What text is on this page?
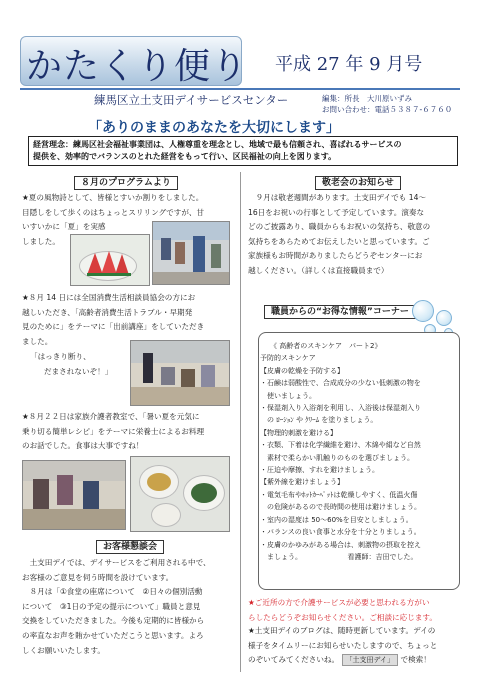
かたくり便り 平成 27 年 9 月号
練馬区立土支田デイサービスセンター	編集：所長　大川原いずみ
お問い合わせ：電話５３８７-６７６０
「ありのままのあなたを大切にします」
経営理念：練馬区社会福祉事業団は、人権尊重を理念とし、地域で最も信頼され、喜ばれるサービスの
提供を、効率的でバランスのとれた経営をもって行い、区民福祉の向上を図ります。
８月のプログラムより
★夏の風物詩として、皆様とすいか割りをしました。
目隠しをして歩くのはちょっとスリリングですが、甘
いすいかに「夏」を実感
しました。
★８月 14 日には全国消費生活相談員協会の方にお
越しいただき、「高齢者消費生活トラブル・早期発
見のために」をテーマに「出前講座」をしていただき
ました。
「はっきり断り、
だまされないぞ！」
★８月２２日は家族介護者教室で、「暑い夏を元気に
乗り切る簡単レシピ」をテーマに栄養士によるお料理
のお話でした。食事は大事ですね！
お客様懇談会
　土支田デイでは、デイサービスをご利用される中で、
お客様のご意見を伺う時間を設けています。
　８月は「①食堂の座席について　②日々の個別活動
について　③1日の予定の提示について」職員と意見
交換をしていただきました。今後も定期的に皆様から
の率直なお声を賄かせていただこうと思います。よろ
しくお願いいたします。
敬老会のお知らせ
　９月は敬老週間があります。土支田デイでも 14～
16日をお祝いの行事として予定しています。演奏な
どのご披露あり、職員からもお祝いの気持ち、敬意の
気持ちをあらためてお伝えしたいと思っています。ご
家族様もお時間がありましたらどうぞセンターにお
越しください。（詳しくは直接職員まで）
職員からの“お得な情報”コーナー
《 高齢者のスキンケア　パート2》
予防的スキンケア
【皮膚の乾燥を予防する】
・石鹸は弱酸性で、合成成分の少ない低刺激の物を
　使いましょう。
・保湿剤入り入浴剤を利用し、入浴後は保湿剤入り
　の ﾛｰｼｮﾝ や ｸﾘｰﾑ を塗りましょう。
【物理的刺激を避ける】
・衣類、下着は化学繊維を避け、木綿や絹など自然
　素材で柔らかい肌触りのものを選びましょう。
・圧迫や摩擦、すれを避けましょう。
【紫外線を避けましょう】
・電気毛布やﾎｯﾄｶｰﾍﾟｯﾄは乾燥しやすく、低温火傷
　の危険があるので長時間の使用は避けましょう。
・室内の湿度は 50～60%を目安としましょう。
・バランスの良い食事と水分を十分とりましょう。
・皮膚のかゆみがある場合は、刺激物の摂取を控え
　ましょう。　　　　　　　看護師：吉田でした。
★ご近所の方で介護サービスが必要と思われる方がい
らしたらどうぞお知らせください。ご相談に応じます。
★土支田デイのブログは、随時更新しています。デイの
様子をタイムリーにお知らせいたしますので、ちょっと
のぞいてみてくださいね。 「土支田デイ」 で検索！
